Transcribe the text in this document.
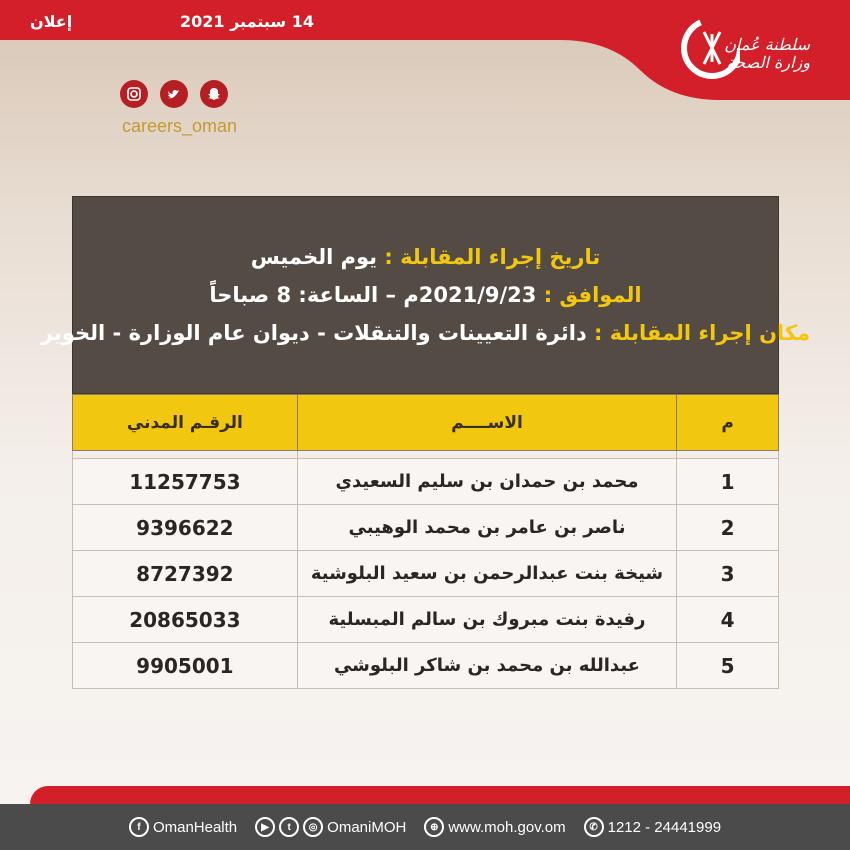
14 سبتمبر 2021
إعلان
سلطنة عُمان
وزارة الصحة
careers_oman
تاريخ إجراء المقابلة : يوم الخميس
الموافق : 2021/9/23م – الساعة: 8 صباحاً
مكان إجراء المقابلة : دائرة التعيينات والتنقلات - ديوان عام الوزارة - الخوير
م	الاســــم	الرقـم المدني

1	محمد بن حمدان بن سليم السعيدي	11257753
2	ناصر بن عامر بن محمد الوهيبي	9396622
3	شيخة بنت عبدالرحمن بن سعيد البلوشية	8727392
4	رفيدة بنت مبروك بن سالم المبسلية	20865033
5	عبدالله بن محمد بن شاكر البلوشي	9905001
f OmanHealth	▶	t	◎ OmaniMOH	⊕ www.moh.gov.om	✆ 1212 - 24441999
